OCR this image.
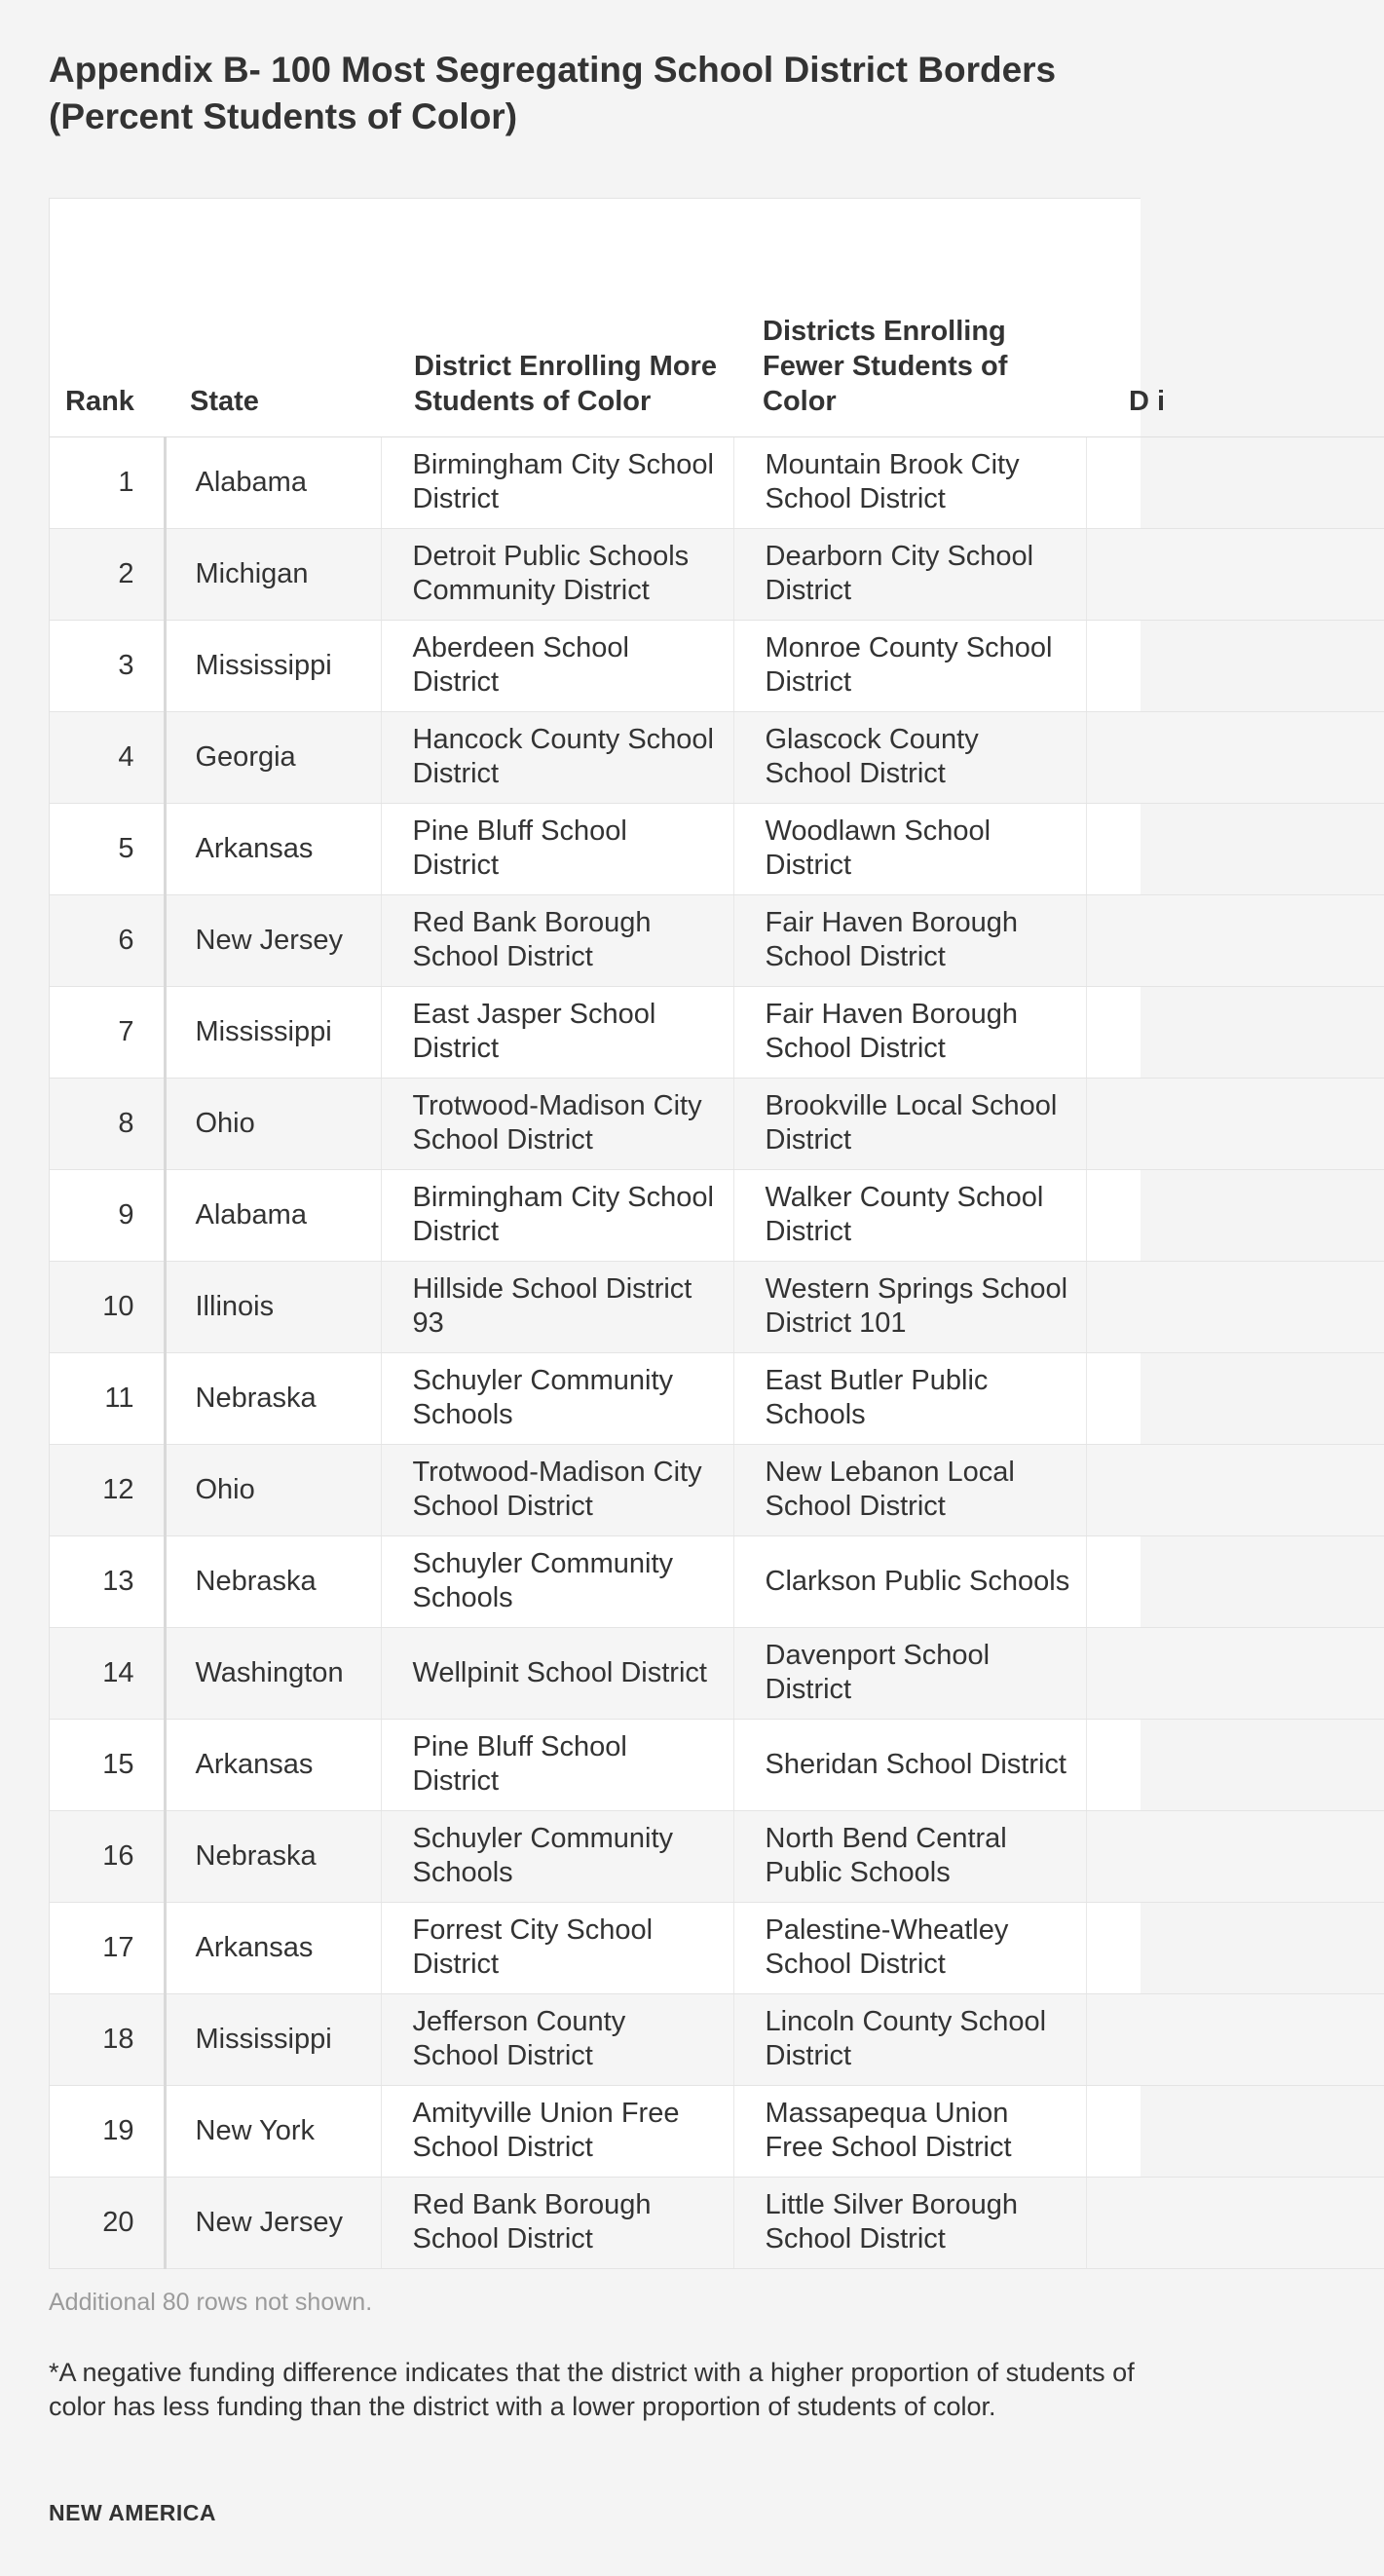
Appendix B- 100 Most Segregating School District Borders (Percent Students of Color)
Rank	State	District Enrolling More Students of Color	Districts Enrolling Fewer Students of Color	D i
1	Alabama	Birmingham City School District	Mountain Brook City School District	
2	Michigan	Detroit Public Schools Community District	Dearborn City School District	
3	Mississippi	Aberdeen School District	Monroe County School District	
4	Georgia	Hancock County School District	Glascock County School District	
5	Arkansas	Pine Bluff School District	Woodlawn School District	
6	New Jersey	Red Bank Borough School District	Fair Haven Borough School District	
7	Mississippi	East Jasper School District	Fair Haven Borough School District	
8	Ohio	Trotwood-Madison City School District	Brookville Local School District	
9	Alabama	Birmingham City School District	Walker County School District	
10	Illinois	Hillside School District 93	Western Springs School District 101	
11	Nebraska	Schuyler Community Schools	East Butler Public Schools	
12	Ohio	Trotwood-Madison City School District	New Lebanon Local School District	
13	Nebraska	Schuyler Community Schools	Clarkson Public Schools	
14	Washington	Wellpinit School District	Davenport School District	
15	Arkansas	Pine Bluff School District	Sheridan School District	
16	Nebraska	Schuyler Community Schools	North Bend Central Public Schools	
17	Arkansas	Forrest City School District	Palestine-Wheatley School District	
18	Mississippi	Jefferson County School District	Lincoln County School District	
19	New York	Amityville Union Free School District	Massapequa Union Free School District	
20	New Jersey	Red Bank Borough School District	Little Silver Borough School District	

Additional 80 rows not shown.

*A negative funding difference indicates that the district with a higher proportion of students of color has less funding than the district with a lower proportion of students of color.

NEW AMERICA
